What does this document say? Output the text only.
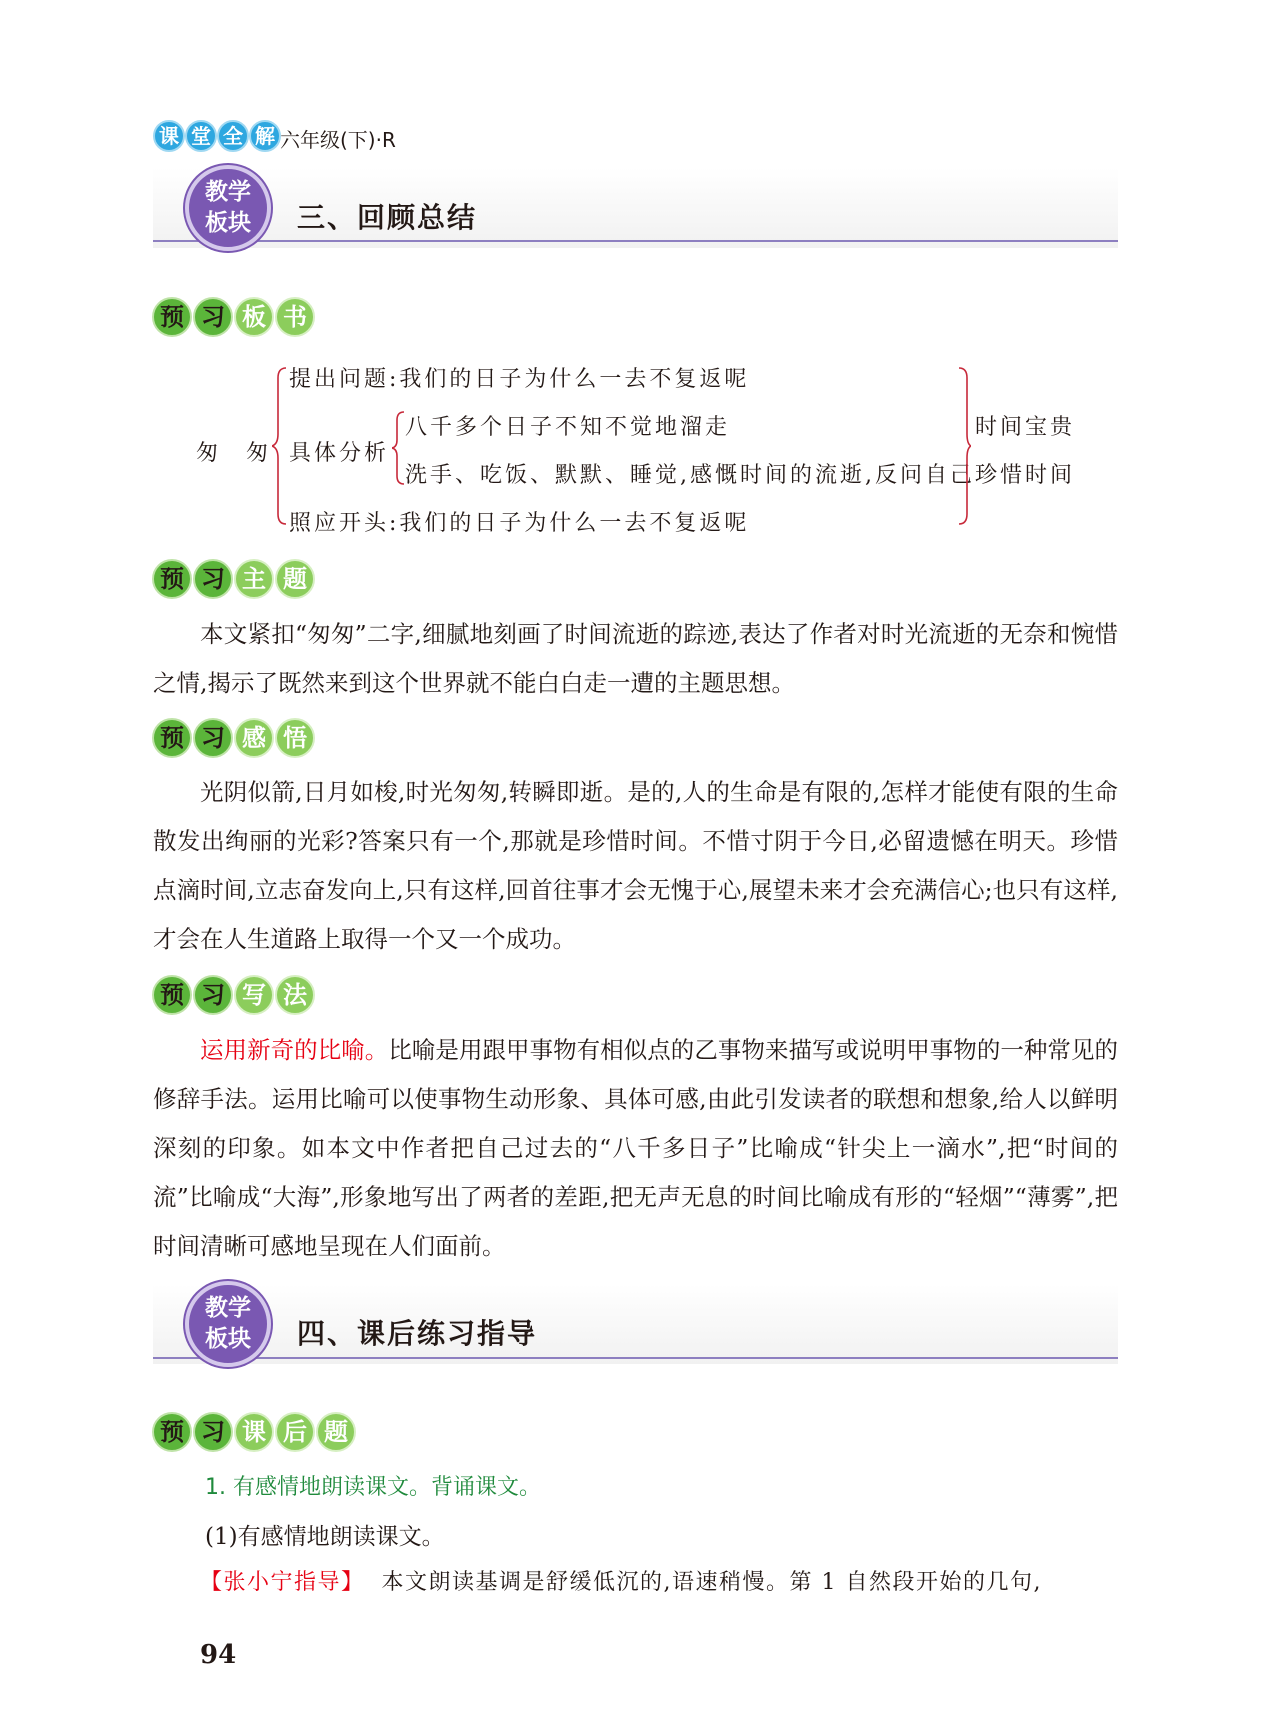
课 堂 全 解 六年级(下)·R
教学
板块 三、回顾总结
预 习 板 书
匆　匆
提出问题:我们的日子为什么一去不复返呢
具体分析
八千多个日子不知不觉地溜走
洗手、吃饭、默默、睡觉,感慨时间的流逝,反问自己
照应开头:我们的日子为什么一去不复返呢
时间宝贵
珍惜时间
预 习 主 题
本文紧扣“匆匆”二字,细腻地刻画了时间流逝的踪迹,表达了作者对时光流逝的无奈和惋惜之情,揭示了既然来到这个世界就不能白白走一遭的主题思想。
预 习 感 悟
光阴似箭,日月如梭,时光匆匆,转瞬即逝。是的,人的生命是有限的,怎样才能使有限的生命散发出绚丽的光彩?答案只有一个,那就是珍惜时间。不惜寸阴于今日,必留遗憾在明天。珍惜点滴时间,立志奋发向上,只有这样,回首往事才会无愧于心,展望未来才会充满信心;也只有这样,才会在人生道路上取得一个又一个成功。
预 习 写 法
运用新奇的比喻。比喻是用跟甲事物有相似点的乙事物来描写或说明甲事物的一种常见的修辞手法。运用比喻可以使事物生动形象、具体可感,由此引发读者的联想和想象,给人以鲜明深刻的印象。如本文中作者把自己过去的“八千多日子”比喻成“针尖上一滴水”,把“时间的流”比喻成“大海”,形象地写出了两者的差距,把无声无息的时间比喻成有形的“轻烟”“薄雾”,把时间清晰可感地呈现在人们面前。
教学
板块 四、课后练习指导
预 习 课 后 题
1. 有感情地朗读课文。背诵课文。
(1)有感情地朗读课文。
【张小宁指导】 本文朗读基调是舒缓低沉的,语速稍慢。第 1 自然段开始的几句,
94
